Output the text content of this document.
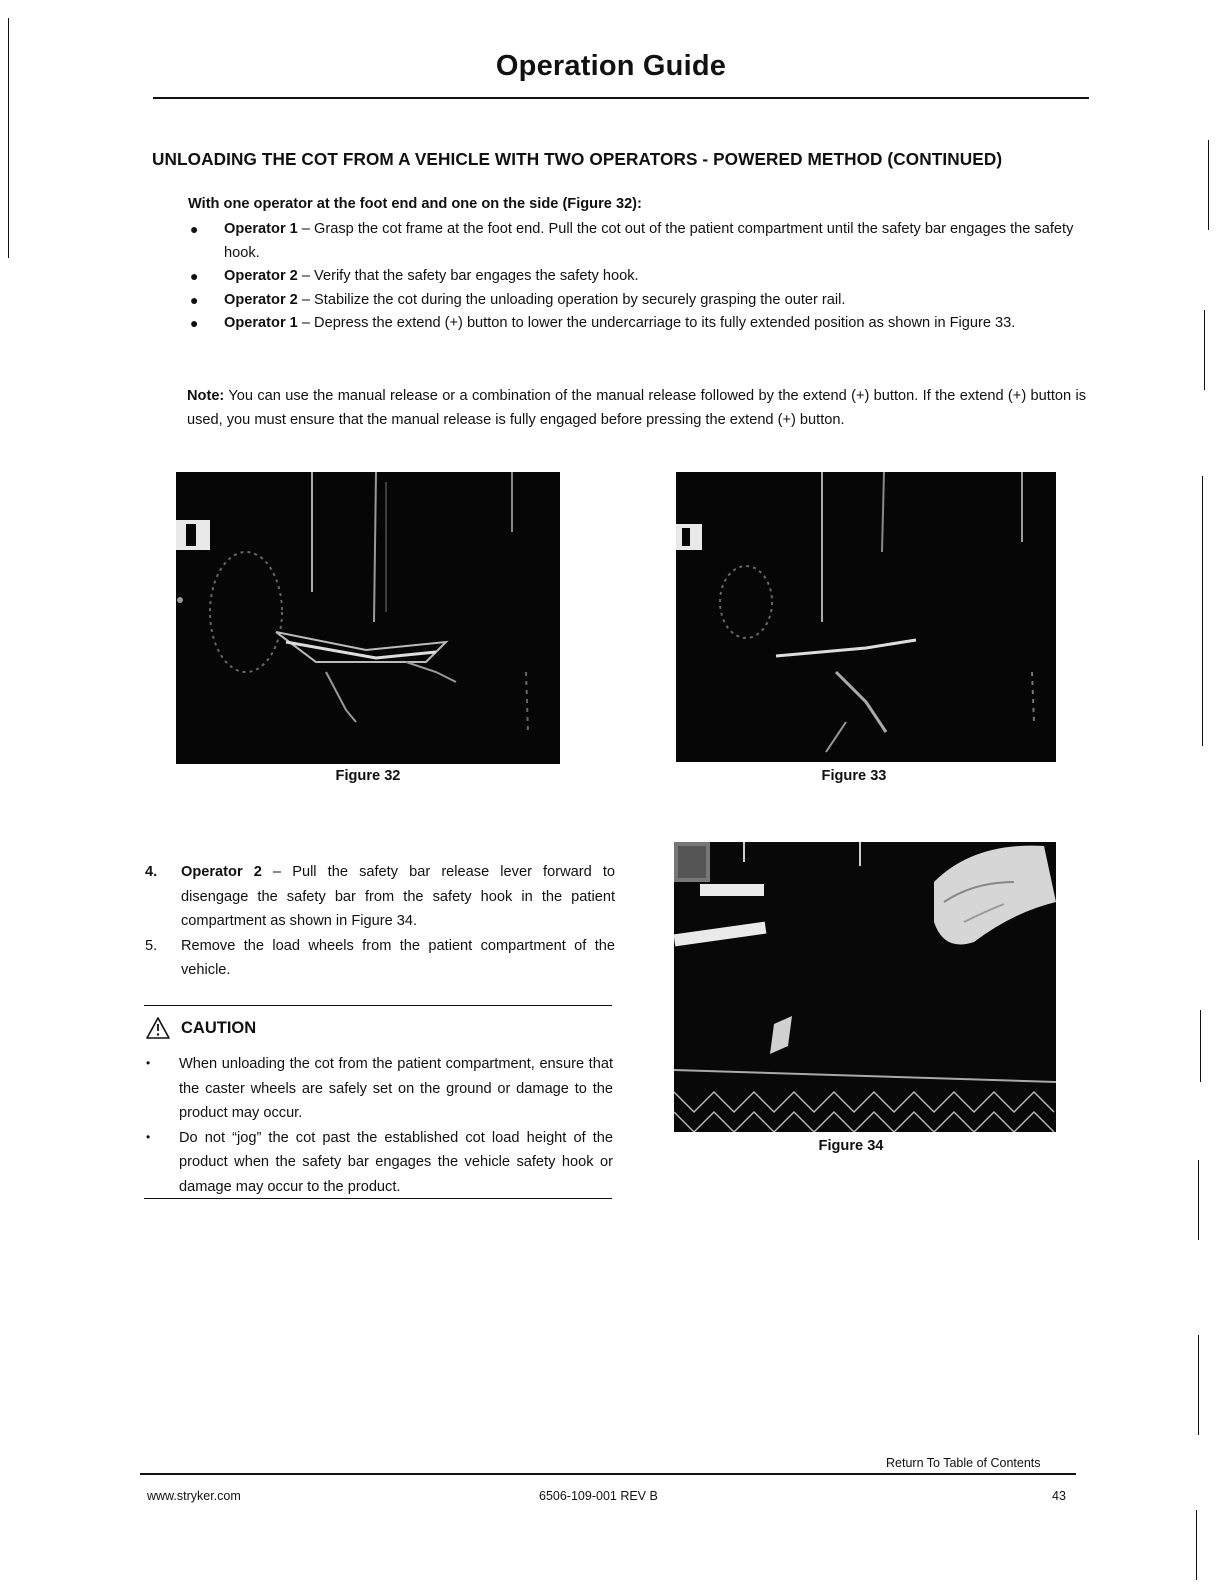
Operation Guide
UNLOADING THE COT FROM A VEHICLE WITH TWO OPERATORS - POWERED METHOD (CONTINUED)
With one operator at the foot end and one on the side (Figure 32):
● Operator 1 – Grasp the cot frame at the foot end. Pull the cot out of the patient compartment until the safety bar engages the safety hook.
● Operator 2 – Verify that the safety bar engages the safety hook.
● Operator 2 – Stabilize the cot during the unloading operation by securely grasping the outer rail.
● Operator 1 – Depress the extend (+) button to lower the undercarriage to its fully extended position as shown in Figure 33.
Note: You can use the manual release or a combination of the manual release followed by the extend (+) button. If the extend (+) button is used, you must ensure that the manual release is fully engaged before pressing the extend (+) button.
Figure 32	Figure 33
4. Operator 2 – Pull the safety bar release lever forward to disengage the safety bar from the safety hook in the patient compartment as shown in Figure 34.
5. Remove the load wheels from the patient compartment of the vehicle.
CAUTION
• When unloading the cot from the patient compartment, ensure that the caster wheels are safely set on the ground or damage to the product may occur.
• Do not “jog” the cot past the established cot load height of the product when the safety bar engages the vehicle safety hook or damage may occur to the product.
Figure 34
Return To Table of Contents
www.stryker.com	6506-109-001 REV B	43
